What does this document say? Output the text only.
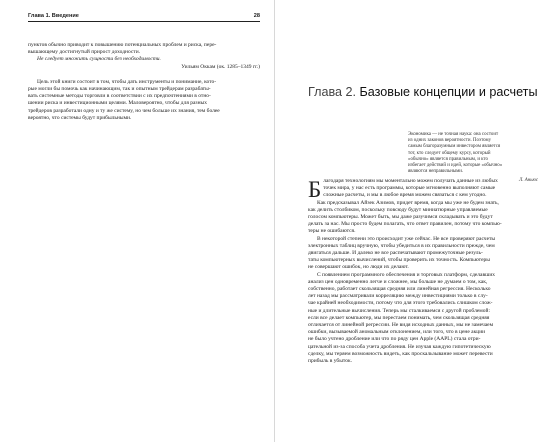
Глава 1. Введение	28

пунктов обычно приводит к повышению потенциальных проблем и риска, пере-

вышающему достигнутый прирост доходности.

Не следует множить сущности без необходимости.

Уильям Оккам (ок. 1285–1349 гг.)

Цель этой книги состоит в том, чтобы дать инструменты и понимание, кото-

рые могли бы помочь как начинающим, так и опытным трейдерам разрабаты-

вать системные методы торговли в соответствии с их предпочтениями в отно-

шении риска и инвестиционными целями. Маловероятно, чтобы для разных

трейдеров разработали одну и ту же систему, но чем больше их знания, тем более

вероятно, что системы будут прибыльными.

Глава 2. Базовые концепции и расчеты
Экономика — не точная наука: она состоит
из одних законов вероятности. Поэтому
самым благоразумным инвестором является
тот, кто следует общему курсу, который
«обычно» является правильным, и кто
избегает действий и идей, которые «обычно»
являются неправильными.
Л. Аньюс
Б лагодаря технологиям мы моментально можем получать данные из любых
точек мира, у нас есть программы, которые мгновенно выполняют самые
сложные расчеты, и мы в любое время можем связаться с кем угодно.

Как предсказывал Айзек Азимов, придет время, когда мы уже не будем знать,

как делить столбиком, поскольку повсюду будут миниатюрные управляемые
голосом компьютеры. Может быть, мы даже разучимся складывать и это будут
делать за нас. Мы просто будем полагать, что ответ правилен, потому что компью-
теры не ошибаются.

В некоторой степени это происходит уже сейчас. Не все проверяют расчеты

электронных таблиц вручную, чтобы убедиться в их правильности прежде, чем
двигаться дальше. И далеко не все распечатывают промежуточные резуль-
таты компьютерных вычислений, чтобы проверить их точность. Компьютеры
не совершают ошибок, но люди их делают.

С появлением программного обеспечения и торговых платформ, сделавших

анализ цен одновременно легче и сложнее, мы больше не думаем о том, как,
собственно, работает скользящая средняя или линейная регрессия. Несколько
лет назад мы рассматривали корреляцию между инвестициями только в слу-
чае крайней необходимости, потому что для этого требовались слишком слож-
ные и длительные вычисления. Теперь мы сталкиваемся с другой проблемой:
если все делает компьютер, мы перестаем понимать, чем скользящая средняя
отличается от линейной регрессии. Не видя исходных данных, мы не замечаем
ошибки, вызываемой аномальным отклонением, или того, что в цене акции
не было учтено дробление или что по ряду цен Apple (AAPL) стала отри-
цательной из-за способа учета дробления. Не изучая каждую гипотетическую
сделку, мы теряем возможность видеть, как проскальзывание может перевести
прибыль в убыток.
